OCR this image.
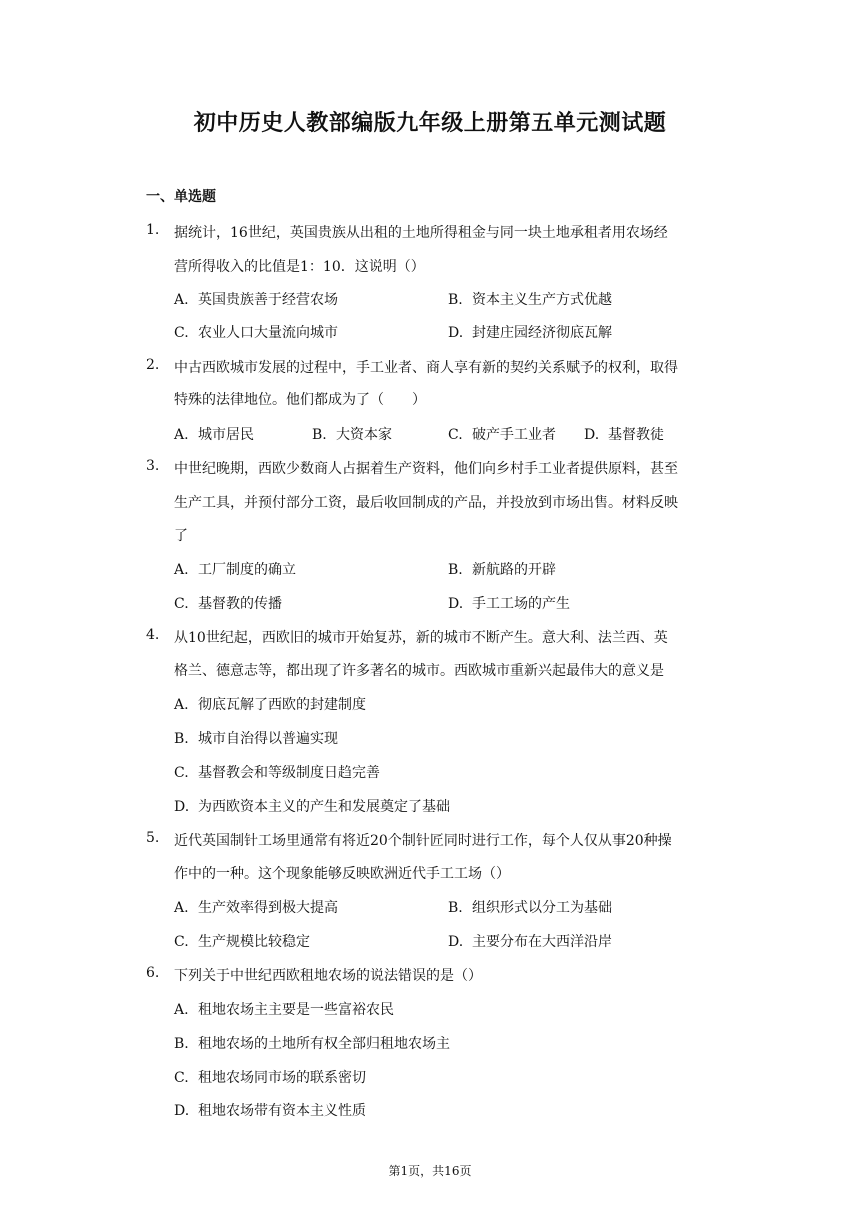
初中历史人教部编版九年级上册第五单元测试题
一、单选题
1. 据统计，16世纪，英国贵族从出租的土地所得租金与同一块土地承租者用农场经
营所得收入的比值是1：10．这说明（）
A. 英国贵族善于经营农场	B. 资本主义生产方式优越
C. 农业人口大量流向城市	D. 封建庄园经济彻底瓦解
2. 中古西欧城市发展的过程中，手工业者、商人享有新的契约关系赋予的权利，取得
特殊的法律地位。他们都成为了（　　）
A. 城市居民	B. 大资本家	C. 破产手工业者 D. 基督教徒
3. 中世纪晚期，西欧少数商人占据着生产资料，他们向乡村手工业者提供原料，甚至
生产工具，并预付部分工资，最后收回制成的产品，并投放到市场出售。材料反映
了
A. 工厂制度的确立	B. 新航路的开辟
C. 基督教的传播	D. 手工工场的产生
4. 从10世纪起，西欧旧的城市开始复苏，新的城市不断产生。意大利、法兰西、英
格兰、德意志等，都出现了许多著名的城市。西欧城市重新兴起最伟大的意义是
A. 彻底瓦解了西欧的封建制度
B. 城市自治得以普遍实现
C. 基督教会和等级制度日趋完善
D. 为西欧资本主义的产生和发展奠定了基础
5. 近代英国制针工场里通常有将近20个制针匠同时进行工作，每个人仅从事20种操
作中的一种。这个现象能够反映欧洲近代手工工场（）
A. 生产效率得到极大提高	B. 组织形式以分工为基础
C. 生产规模比较稳定	D. 主要分布在大西洋沿岸
6. 下列关于中世纪西欧租地农场的说法错误的是（）
A. 租地农场主主要是一些富裕农民
B. 租地农场的土地所有权全部归租地农场主
C. 租地农场同市场的联系密切
D. 租地农场带有资本主义性质
第1页，共16页
